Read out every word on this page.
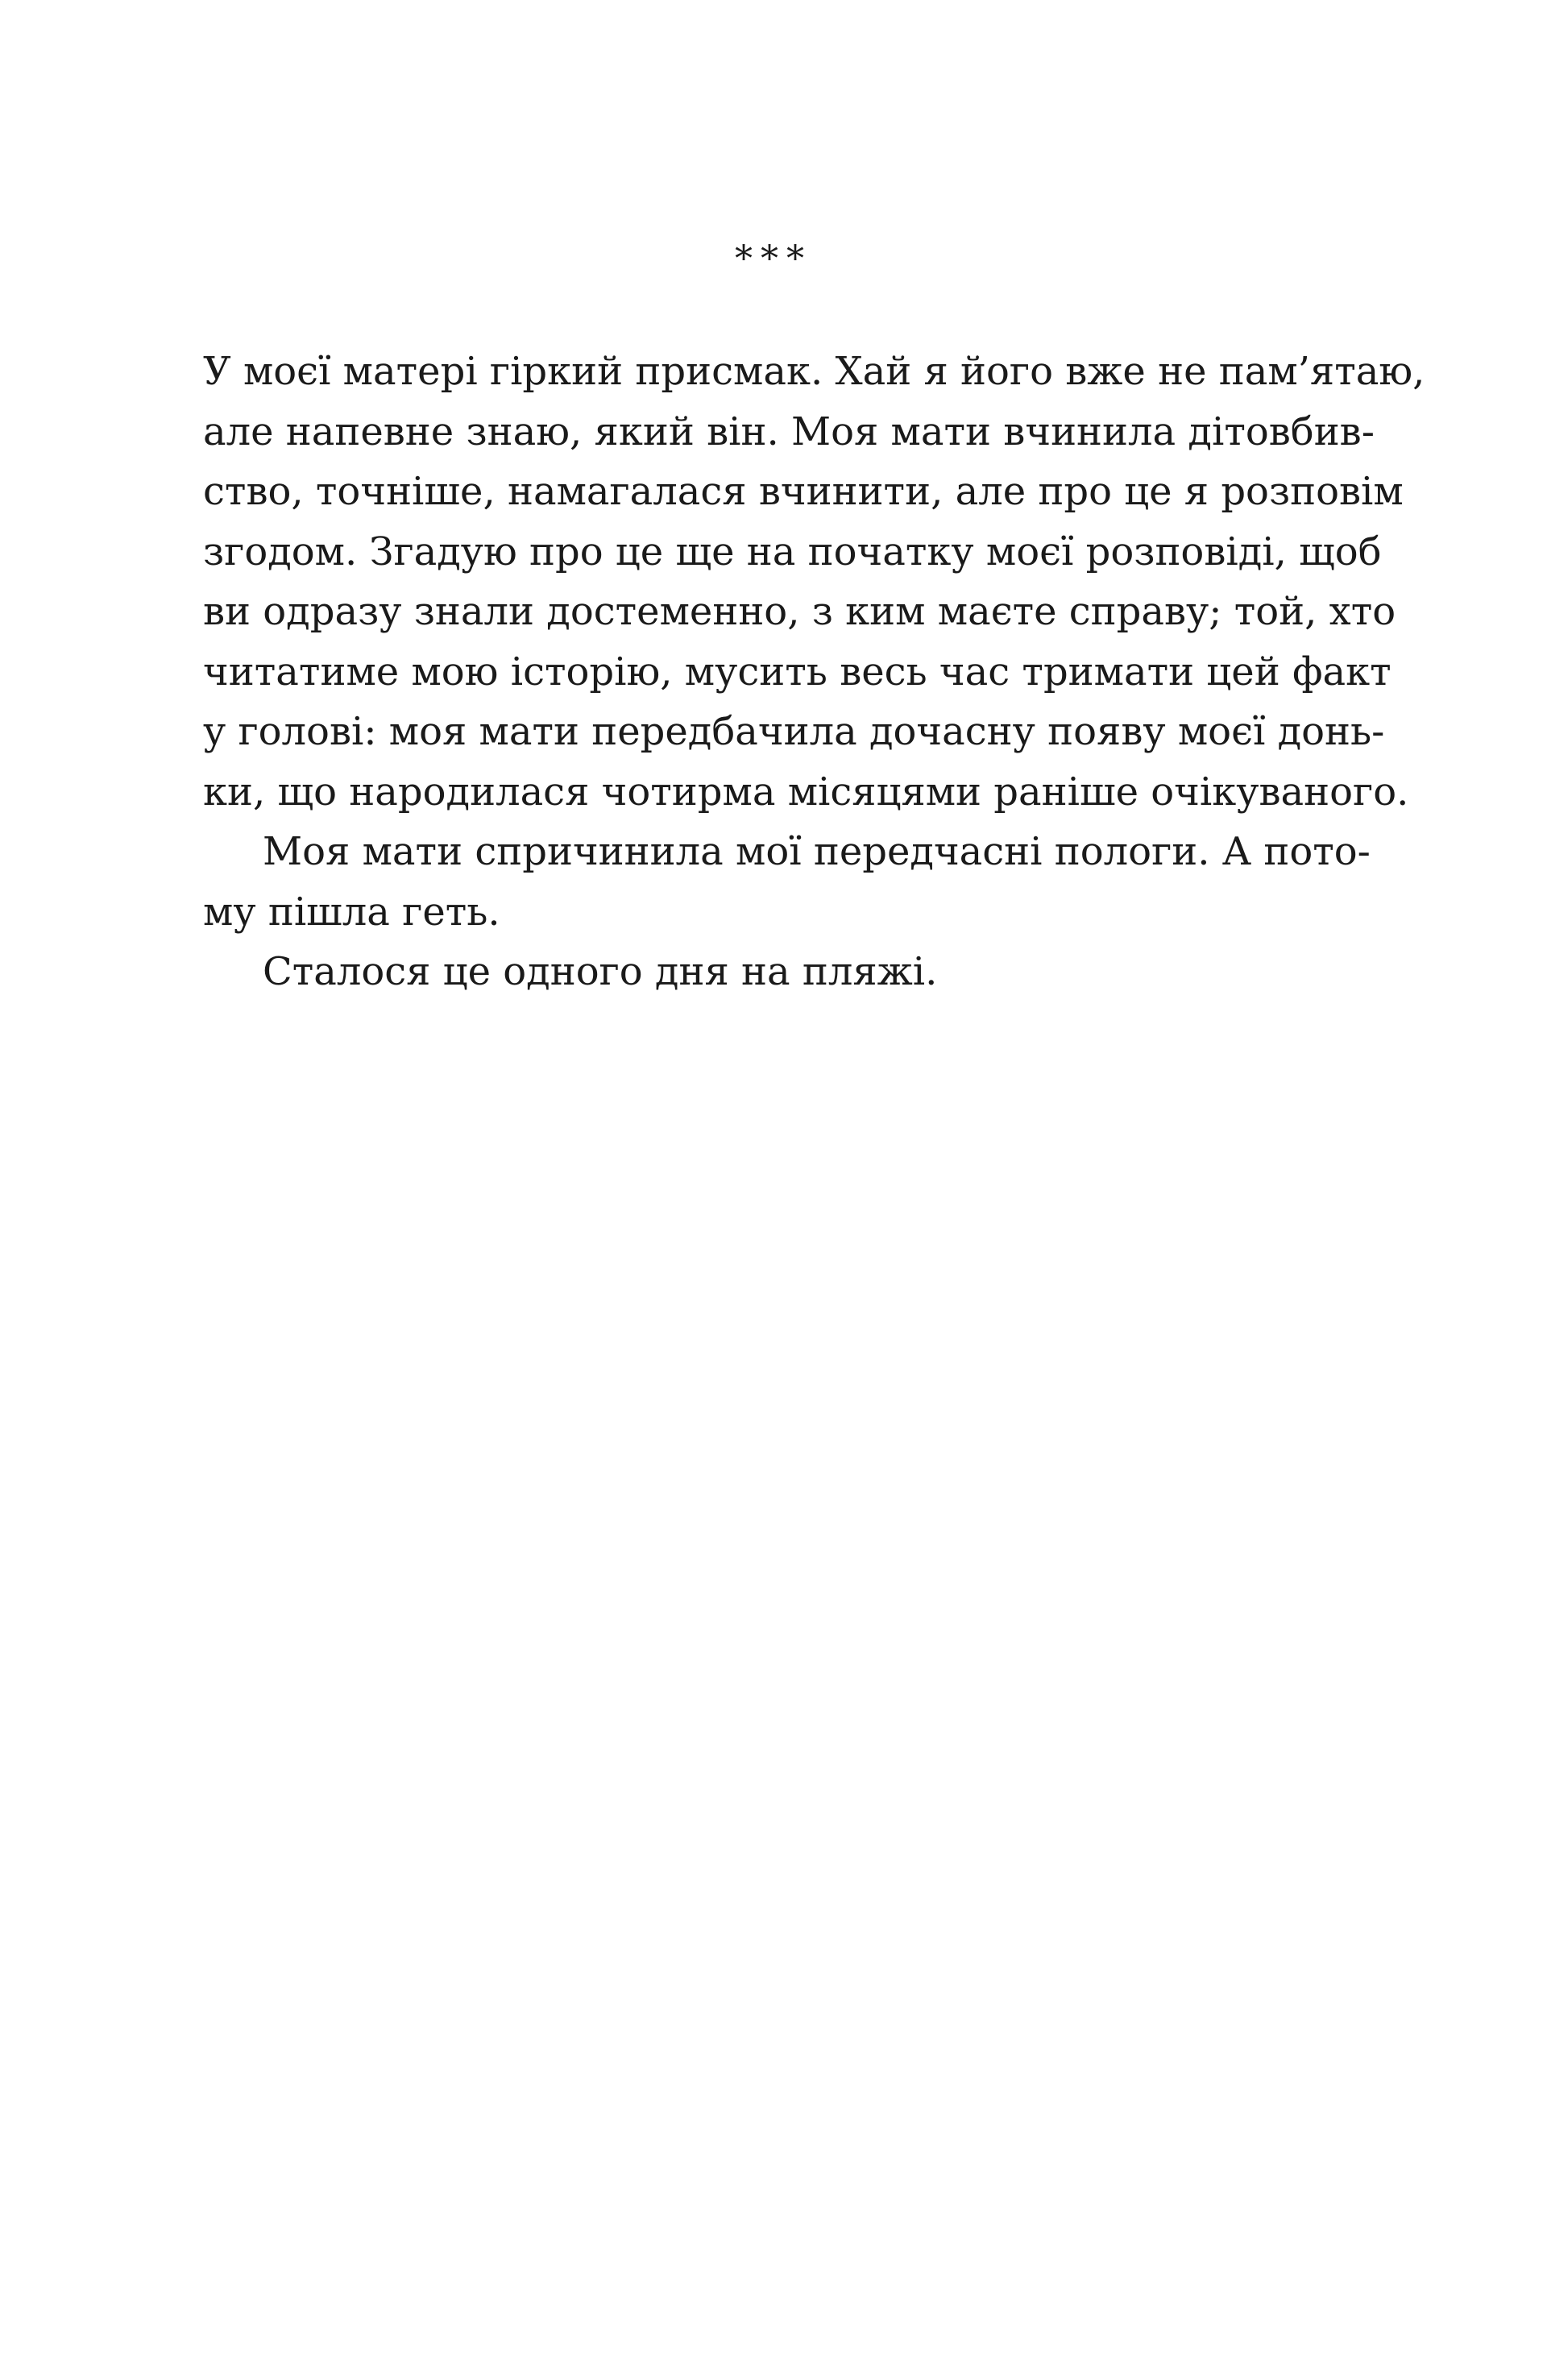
***
У моєї матері гіркий присмак. Хай я його вже не пам’ятаю,
але напевне знаю, який він. Моя мати вчинила дітовбив-
ство, точніше, намагалася вчинити, але про це я розповім
згодом. Згадую про це ще на початку моєї розповіді, щоб
ви одразу знали достеменно, з ким маєте справу; той, хто
читатиме мою історію, мусить весь час тримати цей факт
у голові: моя мати передбачила дочасну появу моєї донь-
ки, що народилася чотирма місяцями раніше очікуваного.
Моя мати спричинила мої передчасні пологи. А пото-
му пішла геть.
Сталося це одного дня на пляжі.
